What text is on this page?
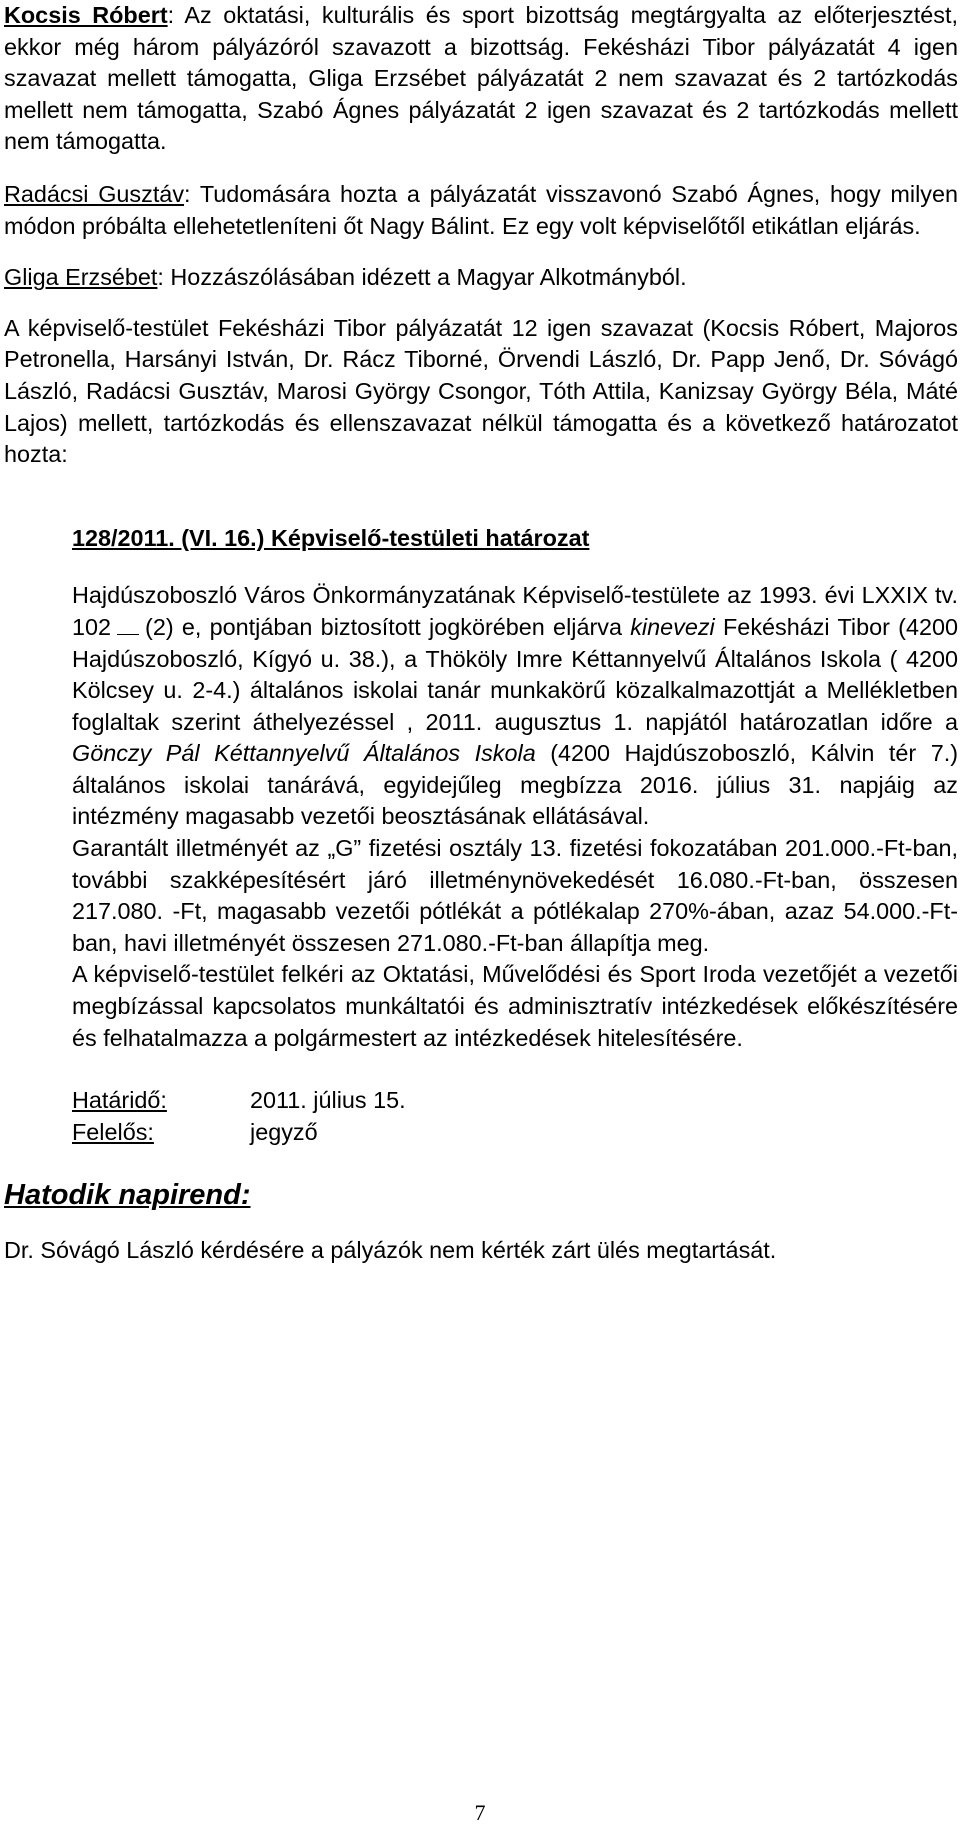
Kocsis Róbert: Az oktatási, kulturális és sport bizottság megtárgyalta az előterjesztést, ekkor még három pályázóról szavazott a bizottság. Fekésházi Tibor pályázatát 4 igen szavazat mellett támogatta, Gliga Erzsébet pályázatát 2 nem szavazat és 2 tartózkodás mellett nem támogatta, Szabó Ágnes pályázatát 2 igen szavazat és 2 tartózkodás mellett nem támogatta.

Radácsi Gusztáv: Tudomására hozta a pályázatát visszavonó Szabó Ágnes, hogy milyen módon próbálta ellehetetleníteni őt Nagy Bálint. Ez egy volt képviselőtől etikátlan eljárás.

Gliga Erzsébet: Hozzászólásában idézett a Magyar Alkotmányból.

A képviselő-testület Fekésházi Tibor pályázatát 12 igen szavazat (Kocsis Róbert, Majoros Petronella, Harsányi István, Dr. Rácz Tiborné, Örvendi László, Dr. Papp Jenő, Dr. Sóvágó László, Radácsi Gusztáv, Marosi György Csongor, Tóth Attila, Kanizsay György Béla, Máté Lajos) mellett, tartózkodás és ellenszavazat nélkül támogatta és a következő határozatot hozta:

128/2011. (VI. 16.) Képviselő-testületi határozat

Hajdúszoboszló Város Önkormányzatának Képviselő-testülete az 1993. évi LXXIX tv. 102 (2) e, pontjában biztosított jogkörében eljárva kinevezi Fekésházi Tibor (4200 Hajdúszoboszló, Kígyó u. 38.), a Thököly Imre Kéttannyelvű Általános Iskola ( 4200 Kölcsey u. 2-4.) általános iskolai tanár munkakörű közalkalmazottját a Mellékletben foglaltak szerint áthelyezéssel , 2011. augusztus 1. napjától határozatlan időre a Gönczy Pál Kéttannyelvű Általános Iskola (4200 Hajdúszoboszló, Kálvin tér 7.) általános iskolai tanárává, egyidejűleg megbízza 2016. július 31. napjáig az intézmény magasabb vezetői beosztásának ellátásával.

Garantált illetményét az „G” fizetési osztály 13. fizetési fokozatában 201.000.-Ft-ban, további szakképesítésért járó illetménynövekedését 16.080.-Ft-ban, összesen 217.080. -Ft, magasabb vezetői pótlékát a pótlékalap 270%-ában, azaz 54.000.-Ft-ban, havi illetményét összesen 271.080.-Ft-ban állapítja meg.

A képviselő-testület felkéri az Oktatási, Művelődési és Sport Iroda vezetőjét a vezetői megbízással kapcsolatos munkáltatói és adminisztratív intézkedések előkészítésére és felhatalmazza a polgármestert az intézkedések hitelesítésére.

Határidő:	2011. július 15.
Felelős:	jegyző
Hatodik napirend:

Dr. Sóvágó László kérdésére a pályázók nem kérték zárt ülés megtartását.

7
